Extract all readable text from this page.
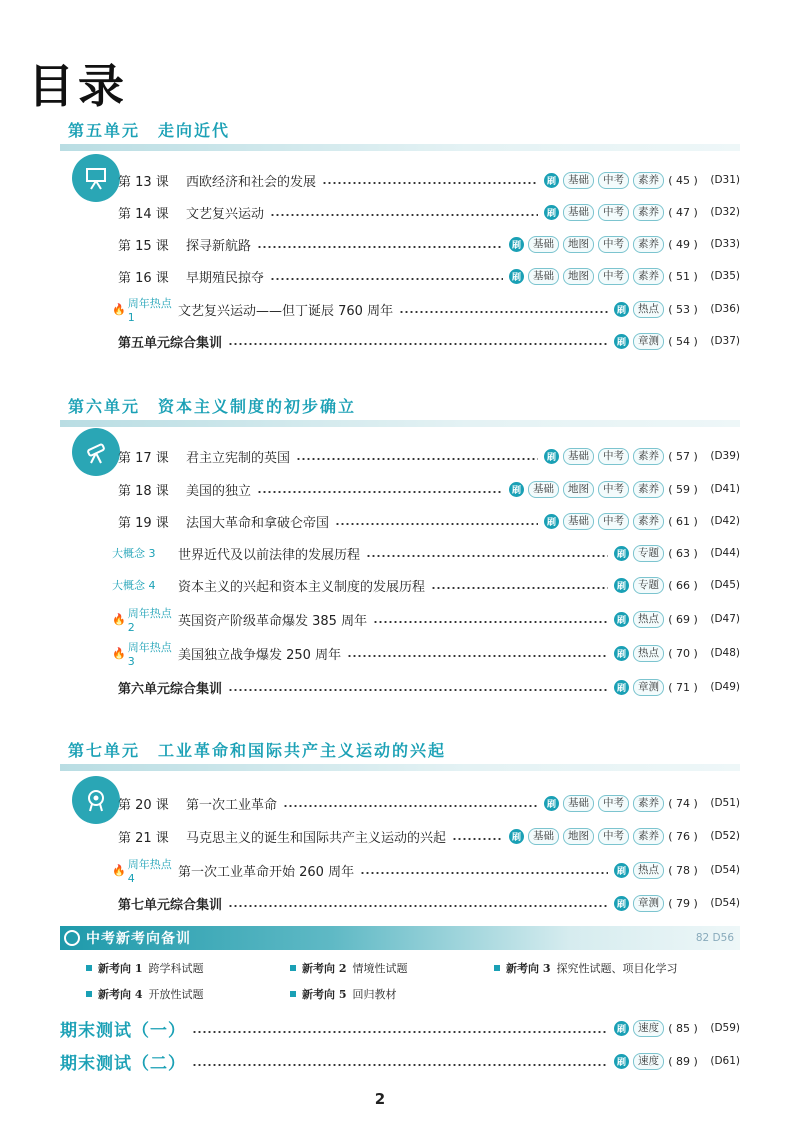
目录
第五单元　走向近代
第 13 课	西欧经济和社会的发展	刷	基础	中考	素养	( 45 )	( D31 )
第 14 课	文艺复兴运动	刷	基础	中考	素养	( 47 )	( D32 )
第 15 课	探寻新航路	刷	基础	地图	中考	素养	( 49 )	( D33 )
第 16 课	早期殖民掠夺	刷	基础	地图	中考	素养	( 51 )	( D35 )
🔥 周年热点 1	文艺复兴运动——但丁诞辰 760 周年	刷	热点	( 53 )	( D36 )
第五单元综合集训	刷	章测	( 54 )	( D37 )
第六单元　资本主义制度的初步确立
第 17 课	君主立宪制的英国	刷	基础	中考	素养	( 57 )	( D39 )
第 18 课	美国的独立	刷	基础	地图	中考	素养	( 59 )	( D41 )
第 19 课	法国大革命和拿破仑帝国	刷	基础	中考	素养	( 61 )	( D42 )
大概念 3	世界近代及以前法律的发展历程	刷	专题	( 63 )	( D44 )
大概念 4	资本主义的兴起和资本主义制度的发展历程	刷	专题	( 66 )	( D45 )
🔥 周年热点 2	英国资产阶级革命爆发 385 周年	刷	热点	( 69 )	( D47 )
🔥 周年热点 3	美国独立战争爆发 250 周年	刷	热点	( 70 )	( D48 )
第六单元综合集训	刷	章测	( 71 )	( D49 )
第七单元　工业革命和国际共产主义运动的兴起
第 20 课	第一次工业革命	刷	基础	中考	素养	( 74 )	( D51 )
第 21 课	马克思主义的诞生和国际共产主义运动的兴起	刷	基础	地图	中考	素养	( 76 )	( D52 )
🔥 周年热点 4	第一次工业革命开始 260 周年	刷	热点	( 78 )	( D54 )
第七单元综合集训	刷	章测	( 79 )	( D54 )
中考新考向备训	82 D56
新考向 1 跨学科试题	新考向 2 情境性试题	新考向 3 探究性试题、项目化学习
新考向 4 开放性试题	新考向 5 回归教材
期末测试（一）	刷	速度	( 85 )	( D59 )
期末测试（二）	刷	速度	( 89 )	( D61 )
2
